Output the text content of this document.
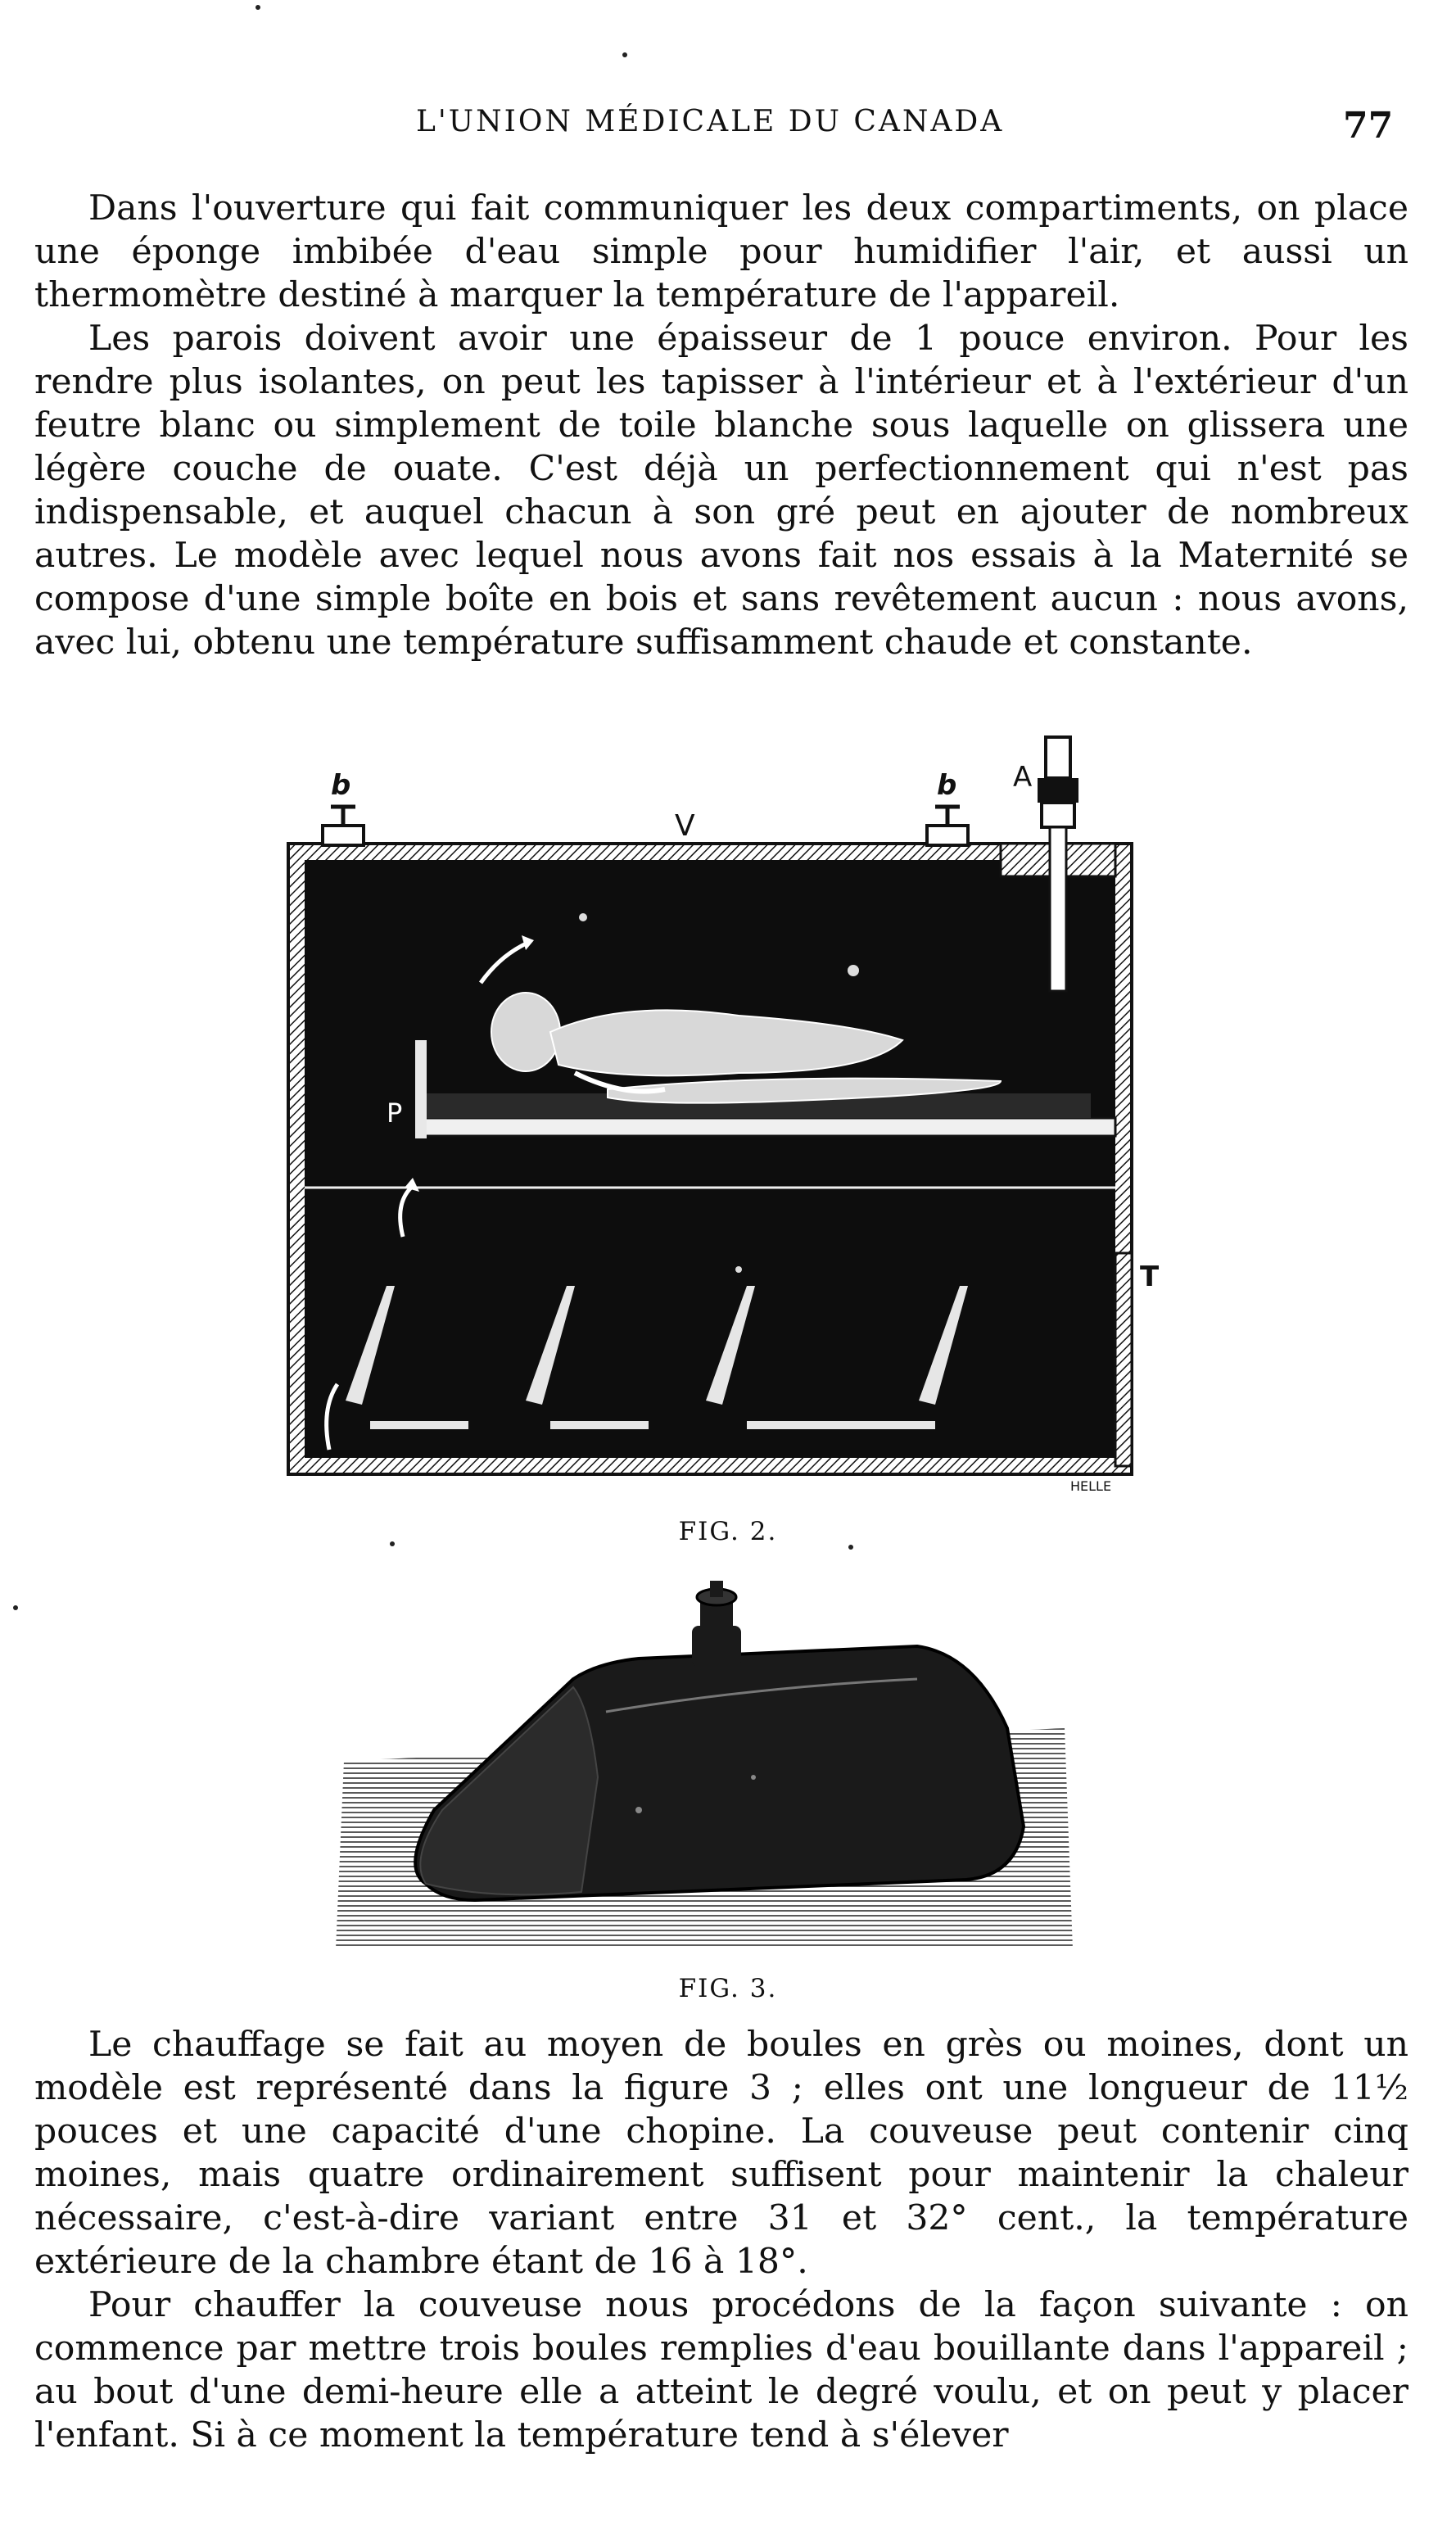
L'UNION MÉDICALE DU CANADA	77

Dans l'ouverture qui fait communiquer les deux compartiments, on place une éponge imbibée d'eau simple pour humidifier l'air, et aussi un thermomètre destiné à marquer la température de l'appareil.

Les parois doivent avoir une épaisseur de 1 pouce environ. Pour les rendre plus isolantes, on peut les tapisser à l'intérieur et à l'extérieur d'un feutre blanc ou simplement de toile blanche sous laquelle on glissera une légère couche de ouate. C'est déjà un perfectionnement qui n'est pas indispensable, et auquel chacun à son gré peut en ajouter de nombreux autres. Le modèle avec lequel nous avons fait nos essais à la Maternité se compose d'une simple boîte en bois et sans revêtement aucun : nous avons, avec lui, obtenu une température suffisamment chaude et constante.

b
V
b A
P
T
HELLE
FIG. 2.
FIG. 3.

Le chauffage se fait au moyen de boules en grès ou moines, dont un modèle est représenté dans la figure 3 ; elles ont une longueur de 11½ pouces et une capacité d'une chopine. La couveuse peut contenir cinq moines, mais quatre ordinairement suffisent pour maintenir la chaleur nécessaire, c'est-à-dire variant entre 31 et 32° cent., la température extérieure de la chambre étant de 16 à 18°.

Pour chauffer la couveuse nous procédons de la façon suivante : on commence par mettre trois boules remplies d'eau bouillante dans l'appareil ; au bout d'une demi-heure elle a atteint le degré voulu, et on peut y placer l'enfant. Si à ce moment la température tend à s'élever
